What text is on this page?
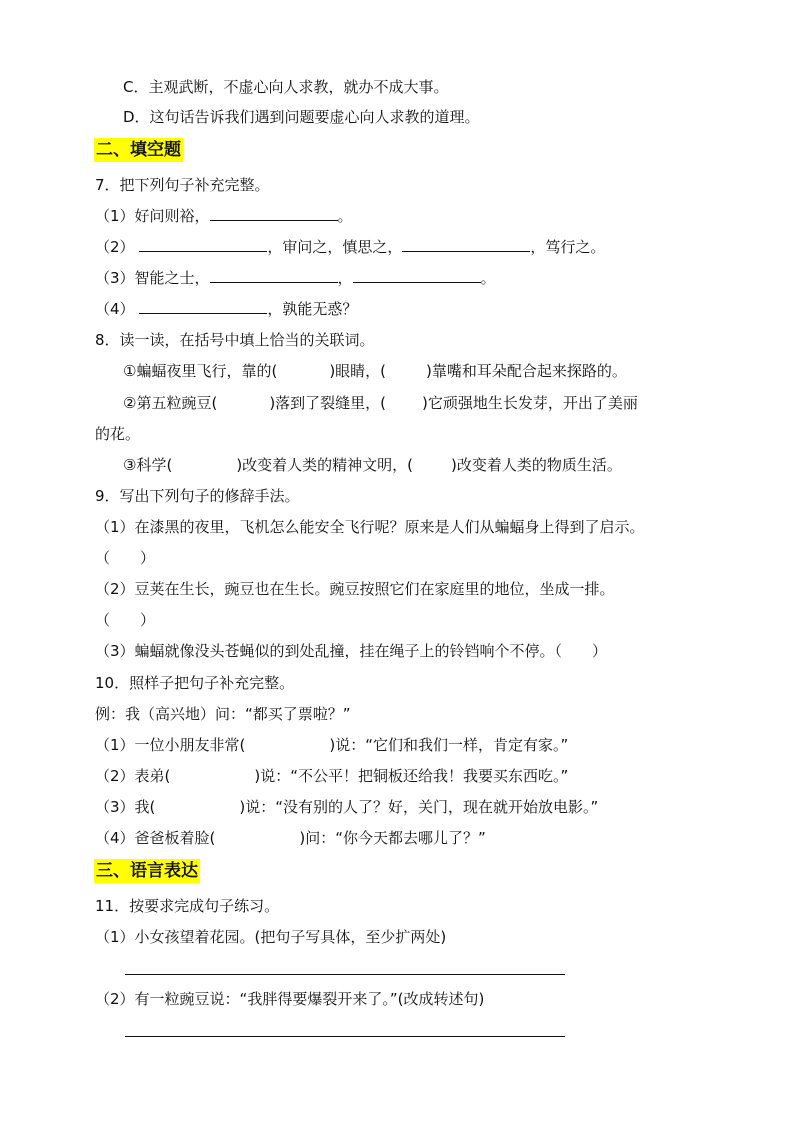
C．主观武断，不虚心向人求教，就办不成大事。
D．这句话告诉我们遇到问题要虚心向人求教的道理。
二、填空题
7．把下列句子补充完整。
（1）好问则裕，	。
（2）	，审问之，慎思之，	，笃行之。
（3）智能之士，	，	。
（4）	，孰能无惑？
8．读一读，在括号中填上恰当的关联词。
①蝙蝠夜里飞行，靠的(	)眼睛，(	)靠嘴和耳朵配合起来探路的。
②第五粒豌豆(	)落到了裂缝里，( )它顽强地生长发芽，开出了美丽
的花。
③科学(	)改变着人类的精神文明，(	)改变着人类的物质生活。
9．写出下列句子的修辞手法。
（1）在漆黑的夜里，飞机怎么能安全飞行呢？原来是人们从蝙蝠身上得到了启示。
（　　）
（2）豆荚在生长，豌豆也在生长。豌豆按照它们在家庭里的地位，坐成一排。
（　　）
（3）蝙蝠就像没头苍蝇似的到处乱撞，挂在绳子上的铃铛响个不停。（　　）
10．照样子把句子补充完整。
例：我（高兴地）问：“都买了票啦？”
（1）一位小朋友非常(	)说：“它们和我们一样，肯定有家。”
（2）表弟(	)说：“不公平！把铜板还给我！我要买东西吃。”
（3）我(	)说：“没有别的人了？好，关门，现在就开始放电影。”
（4）爸爸板着脸(	)问：“你今天都去哪儿了？”
三、语言表达
11．按要求完成句子练习。
（1）小女孩望着花园。(把句子写具体，至少扩两处)
（2）有一粒豌豆说：“我胖得要爆裂开来了。”(改成转述句)
